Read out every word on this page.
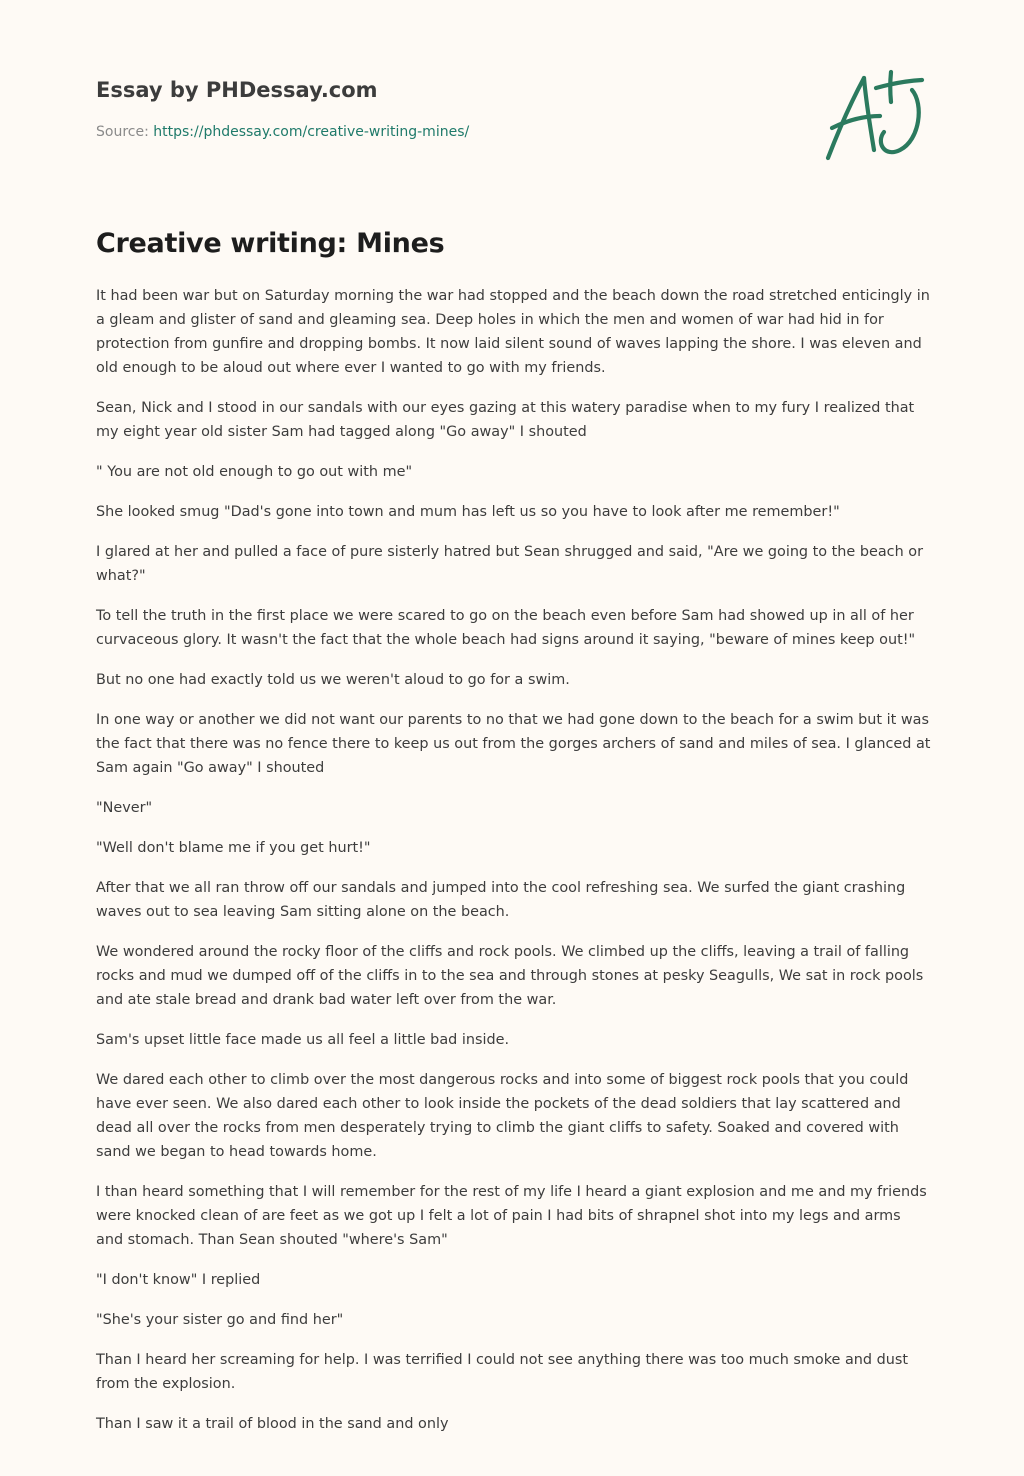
Essay by PHDessay.com
Source: https://phdessay.com/creative-writing-mines/
Creative writing: Mines

It had been war but on Saturday morning the war had stopped and the beach down the road stretched enticingly in a gleam and glister of sand and gleaming sea. Deep holes in which the men and women of war had hid in for protection from gunfire and dropping bombs. It now laid silent sound of waves lapping the shore. I was eleven and old enough to be aloud out where ever I wanted to go with my friends.

Sean, Nick and I stood in our sandals with our eyes gazing at this watery paradise when to my fury I realized that my eight year old sister Sam had tagged along "Go away" I shouted

" You are not old enough to go out with me"

She looked smug "Dad's gone into town and mum has left us so you have to look after me remember!"

I glared at her and pulled a face of pure sisterly hatred but Sean shrugged and said, "Are we going to the beach or what?"

To tell the truth in the first place we were scared to go on the beach even before Sam had showed up in all of her curvaceous glory. It wasn't the fact that the whole beach had signs around it saying, "beware of mines keep out!"

But no one had exactly told us we weren't aloud to go for a swim.

In one way or another we did not want our parents to no that we had gone down to the beach for a swim but it was the fact that there was no fence there to keep us out from the gorges archers of sand and miles of sea. I glanced at Sam again "Go away" I shouted

"Never"

"Well don't blame me if you get hurt!"

After that we all ran throw off our sandals and jumped into the cool refreshing sea. We surfed the giant crashing waves out to sea leaving Sam sitting alone on the beach.

We wondered around the rocky floor of the cliffs and rock pools. We climbed up the cliffs, leaving a trail of falling rocks and mud we dumped off of the cliffs in to the sea and through stones at pesky Seagulls, We sat in rock pools and ate stale bread and drank bad water left over from the war.

Sam's upset little face made us all feel a little bad inside.

We dared each other to climb over the most dangerous rocks and into some of biggest rock pools that you could have ever seen. We also dared each other to look inside the pockets of the dead soldiers that lay scattered and dead all over the rocks from men desperately trying to climb the giant cliffs to safety. Soaked and covered with sand we began to head towards home.

I than heard something that I will remember for the rest of my life I heard a giant explosion and me and my friends were knocked clean of are feet as we got up I felt a lot of pain I had bits of shrapnel shot into my legs and arms and stomach. Than Sean shouted "where's Sam"

"I don't know" I replied

"She's your sister go and find her"

Than I heard her screaming for help. I was terrified I could not see anything there was too much smoke and dust from the explosion.

Than I saw it a trail of blood in the sand and only
